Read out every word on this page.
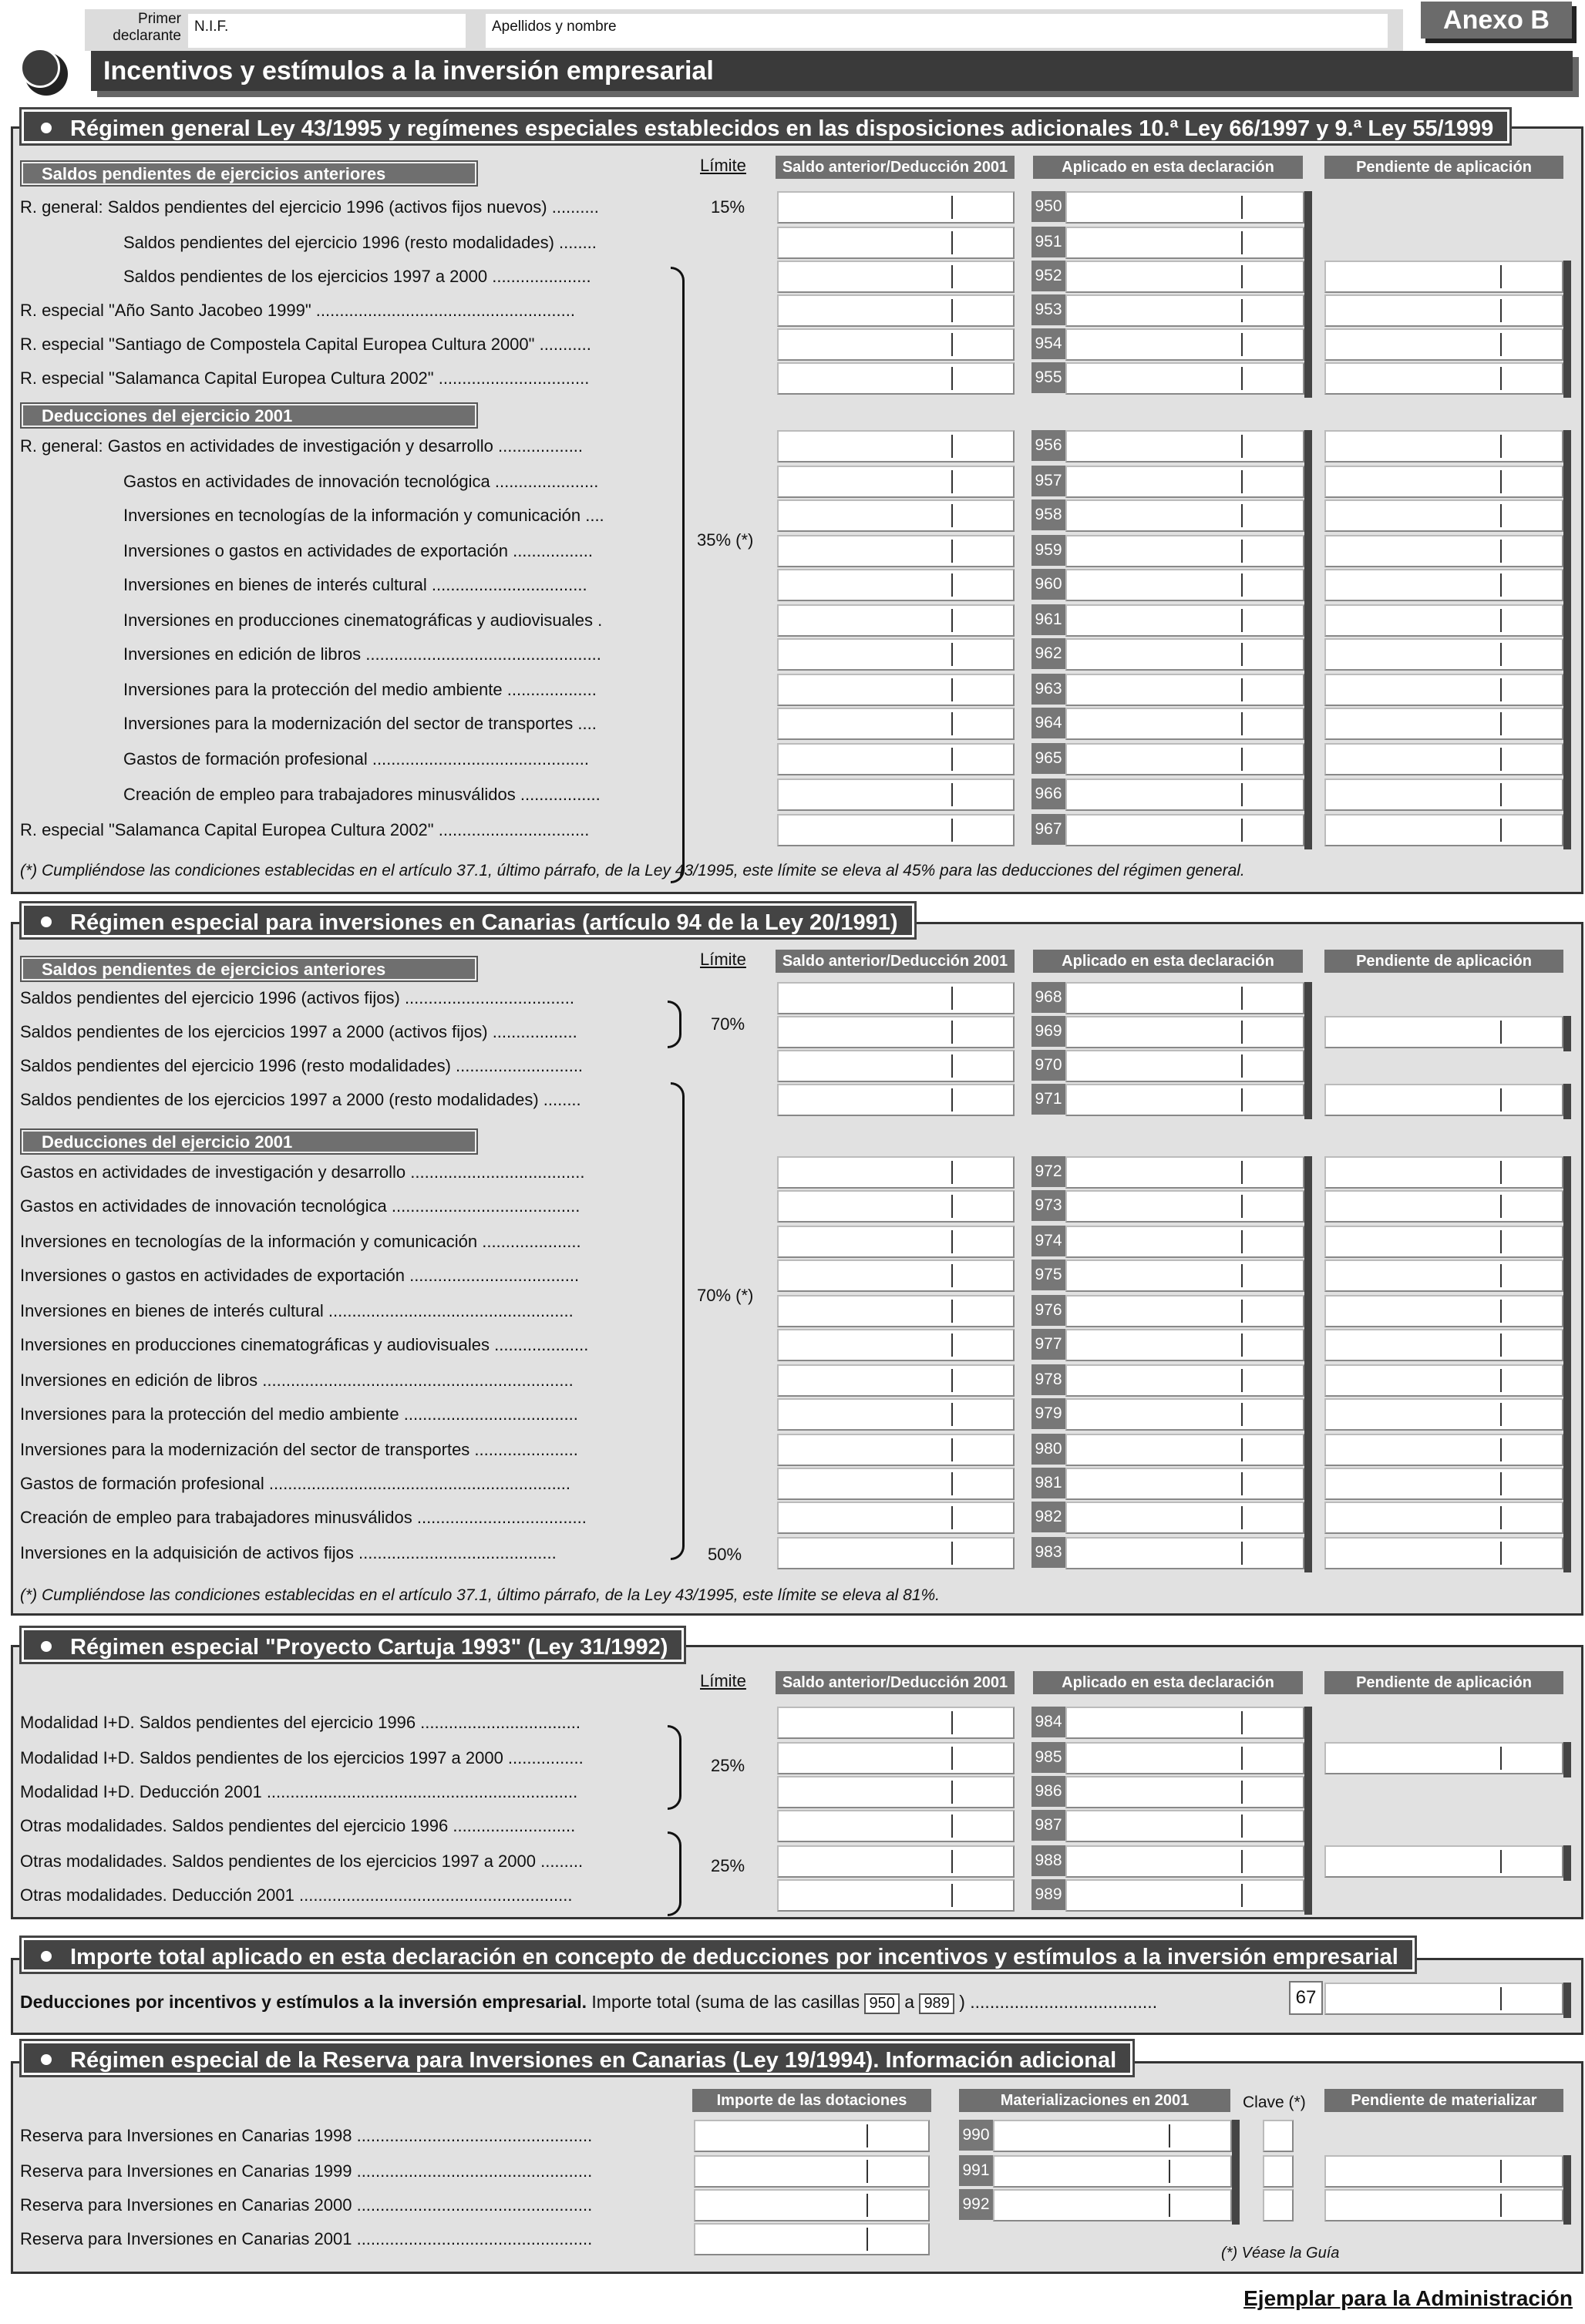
Primer declarante
N.I.F.	Apellidos y nombre	Anexo B
Incentivos y estímulos a la inversión empresarial
Régimen general Ley 43/1995 y regímenes especiales establecidos en las disposiciones adicionales 10.ª Ley 66/1997 y 9.ª Ley 55/1999
Saldos pendientes de ejercicios anteriores
Deducciones del ejercicio 2001
Límite	Saldo anterior/Deducción 2001	Aplicado en esta declaración	Pendiente de aplicación
15%
35% (*)
(*) Cumpliéndose las condiciones establecidas en el artículo 37.1, último párrafo, de la Ley 43/1995, este límite se eleva al 45% para las deducciones del régimen general.
R. general: Saldos pendientes del ejercicio 1996 (activos fijos nuevos) ..........	950
Saldos pendientes del ejercicio 1996 (resto modalidades) ........	951
Saldos pendientes de los ejercicios 1997 a 2000 .....................	952
R. especial "Año Santo Jacobeo 1999" .......................................................	953
R. especial "Santiago de Compostela Capital Europea Cultura 2000" ...........	954
R. especial "Salamanca Capital Europea Cultura 2002" ................................	955
R. general: Gastos en actividades de investigación y desarrollo ..................	956
Gastos en actividades de innovación tecnológica ......................	957
Inversiones en tecnologías de la información y comunicación ....	958
Inversiones o gastos en actividades de exportación .................	959
Inversiones en bienes de interés cultural .................................	960
Inversiones en producciones cinematográficas y audiovisuales .	961
Inversiones en edición de libros ..................................................	962
Inversiones para la protección del medio ambiente ...................	963
Inversiones para la modernización del sector de transportes ....	964
Gastos de formación profesional ..............................................	965
Creación de empleo para trabajadores minusválidos .................	966
R. especial "Salamanca Capital Europea Cultura 2002" ................................	967
Régimen especial para inversiones en Canarias (artículo 94 de la Ley 20/1991)
Saldos pendientes de ejercicios anteriores
Deducciones del ejercicio 2001
Límite	Saldo anterior/Deducción 2001	Aplicado en esta declaración	Pendiente de aplicación
70%
70% (*)
50%
(*) Cumpliéndose las condiciones establecidas en el artículo 37.1, último párrafo, de la Ley 43/1995, este límite se eleva al 81%.
Saldos pendientes del ejercicio 1996 (activos fijos) ....................................	968
Saldos pendientes de los ejercicios 1997 a 2000 (activos fijos) ..................	969
Saldos pendientes del ejercicio 1996 (resto modalidades) ...........................	970
Saldos pendientes de los ejercicios 1997 a 2000 (resto modalidades) ........	971
Gastos en actividades de investigación y desarrollo .....................................	972
Gastos en actividades de innovación tecnológica ........................................	973
Inversiones en tecnologías de la información y comunicación .....................	974
Inversiones o gastos en actividades de exportación ....................................	975
Inversiones en bienes de interés cultural ....................................................	976
Inversiones en producciones cinematográficas y audiovisuales ....................	977
Inversiones en edición de libros ..................................................................	978
Inversiones para la protección del medio ambiente .....................................	979
Inversiones para la modernización del sector de transportes ......................	980
Gastos de formación profesional ................................................................	981
Creación de empleo para trabajadores minusválidos ....................................	982
Inversiones en la adquisición de activos fijos ..........................................	983
Régimen especial "Proyecto Cartuja 1993" (Ley 31/1992)
Límite	Saldo anterior/Deducción 2001	Aplicado en esta declaración	Pendiente de aplicación
25%
25%
Modalidad I+D. Saldos pendientes del ejercicio 1996 ..................................	984
Modalidad I+D. Saldos pendientes de los ejercicios 1997 a 2000 ................	985
Modalidad I+D. Deducción 2001 ..................................................................	986
Otras modalidades. Saldos pendientes del ejercicio 1996 ..........................	987
Otras modalidades. Saldos pendientes de los ejercicios 1997 a 2000 .........	988
Otras modalidades. Deducción 2001 ..........................................................	989
Importe total aplicado en esta declaración en concepto de deducciones por incentivos y estímulos a la inversión empresarial
Deducciones por incentivos y estímulos a la inversión empresarial. Importe total (suma de las casillas 950 a 989 ) ......................................	67
Régimen especial de la Reserva para Inversiones en Canarias (Ley 19/1994). Información adicional
Importe de las dotaciones	Materializaciones en 2001	Clave (*)	Pendiente de materializar
(*) Véase la Guía
Reserva para Inversiones en Canarias 1998 ..................................................	990
Reserva para Inversiones en Canarias 1999 ..................................................	991
Reserva para Inversiones en Canarias 2000 ..................................................	992
Reserva para Inversiones en Canarias 2001 ..................................................
Ejemplar para la Administración
